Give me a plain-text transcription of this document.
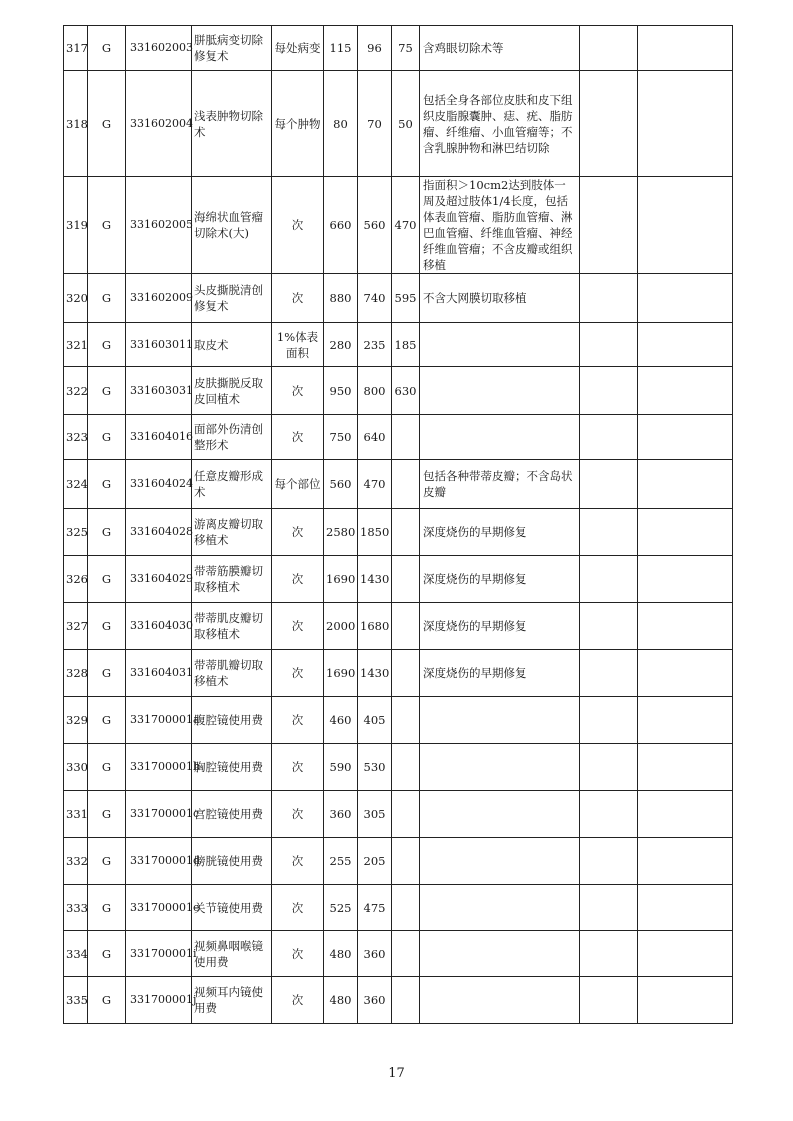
317	G	331602003	胼胝病变切除修复术	每处病变	115	96	75	含鸡眼切除术等		
318	G	331602004	浅表肿物切除术	每个肿物	80	70	50	包括全身各部位皮肤和皮下组织皮脂腺囊肿、痣、疣、脂肪瘤、纤维瘤、小血管瘤等；不含乳腺肿物和淋巴结切除		
319	G	331602005	海绵状血管瘤切除术(大)	次	660	560	470	指面积＞10cm2达到肢体一周及超过肢体1/4长度，包括体表血管瘤、脂肪血管瘤、淋巴血管瘤、纤维血管瘤、神经纤维血管瘤；不含皮瓣或组织移植		
320	G	331602009	头皮撕脱清创修复术	次	880	740	595	不含大网膜切取移植		
321	G	331603011	取皮术	1%体表面积	280	235	185			
322	G	331603031	皮肤撕脱反取皮回植术	次	950	800	630			
323	G	331604016	面部外伤清创整形术	次	750	640				
324	G	331604024	任意皮瓣形成术	每个部位	560	470		包括各种带蒂皮瓣；不含岛状皮瓣		
325	G	331604028	游离皮瓣切取移植术	次	2580	1850		深度烧伤的早期修复		
326	G	331604029	带蒂筋膜瓣切取移植术	次	1690	1430		深度烧伤的早期修复		
327	G	331604030	带蒂肌皮瓣切取移植术	次	2000	1680		深度烧伤的早期修复		
328	G	331604031	带蒂肌瓣切取移植术	次	1690	1430		深度烧伤的早期修复		
329	G	331700001a	腹腔镜使用费	次	460	405				
330	G	331700001b	胸腔镜使用费	次	590	530				
331	G	331700001c	宫腔镜使用费	次	360	305				
332	G	331700001d	膀胱镜使用费	次	255	205				
333	G	331700001e	关节镜使用费	次	525	475				
334	G	331700001i	视频鼻咽喉镜使用费	次	480	360				
335	G	331700001j	视频耳内镜使用费	次	480	360				
17
